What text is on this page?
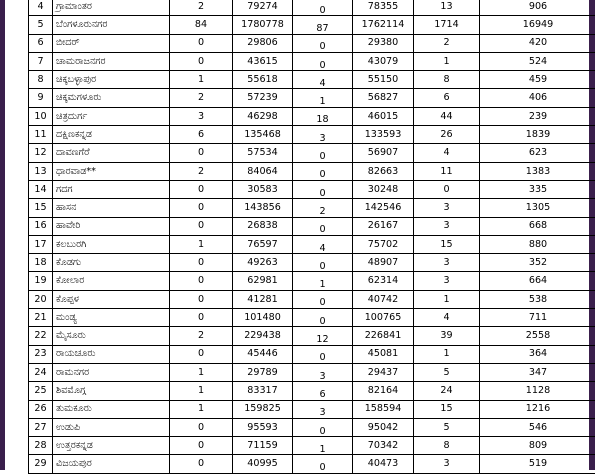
4	ಗ್ರಾಮಾಂತರ	2	79274	0	78355	13		906	
5	ಬೆಂಗಳೂರುನಗರ	84	1780778	87	1762114	1714		16949	
6	ಬೀದರ್	0	29806	0	29380	2		420	
7	ಚಾಮರಾಜನಗರ	0	43615	0	43079	1		524	
8	ಚಿಕ್ಕಬಳ್ಳಾಪುರ	1	55618	4	55150	8		459	
9	ಚಿಕ್ಕಮಗಳೂರು	2	57239	1	56827	6		406	
10	ಚಿತ್ರದುರ್ಗ	3	46298	18	46015	44		239	
11	ದಕ್ಷಿಣಕನ್ನಡ	6	135468	3	133593	26		1839	
12	ದಾವಣಗೆರೆ	0	57534	0	56907	4		623	
13	ಧಾರವಾಡ**	2	84064	0	82663	11		1383	
14	ಗದಗ	0	30583	0	30248	0		335	
15	ಹಾಸನ	0	143856	2	142546	3		1305	
16	ಹಾವೇರಿ	0	26838	0	26167	3		668	
17	ಕಲಬುರಗಿ	1	76597	4	75702	15		880	
18	ಕೊಡಗು	0	49263	0	48907	3		352	
19	ಕೋಲಾರ	0	62981	1	62314	3		664	
20	ಕೊಪ್ಪಳ	0	41281	0	40742	1		538	
21	ಮಂಡ್ಯ	0	101480	0	100765	4		711	
22	ಮೈಸೂರು	2	229438	12	226841	39		2558	
23	ರಾಯಚೂರು	0	45446	0	45081	1		364	
24	ರಾಮನಗರ	1	29789	3	29437	5		347	
25	ಶಿವಮೊಗ್ಗ	1	83317	6	82164	24		1128	
26	ತುಮಕೂರು	1	159825	3	158594	15		1216	
27	ಉಡುಪಿ	0	95593	0	95042	5		546	
28	ಉತ್ತರಕನ್ನಡ	0	71159	1	70342	8		809	
29	ವಿಜಯಪುರ	0	40995	0	40473	3		519	
